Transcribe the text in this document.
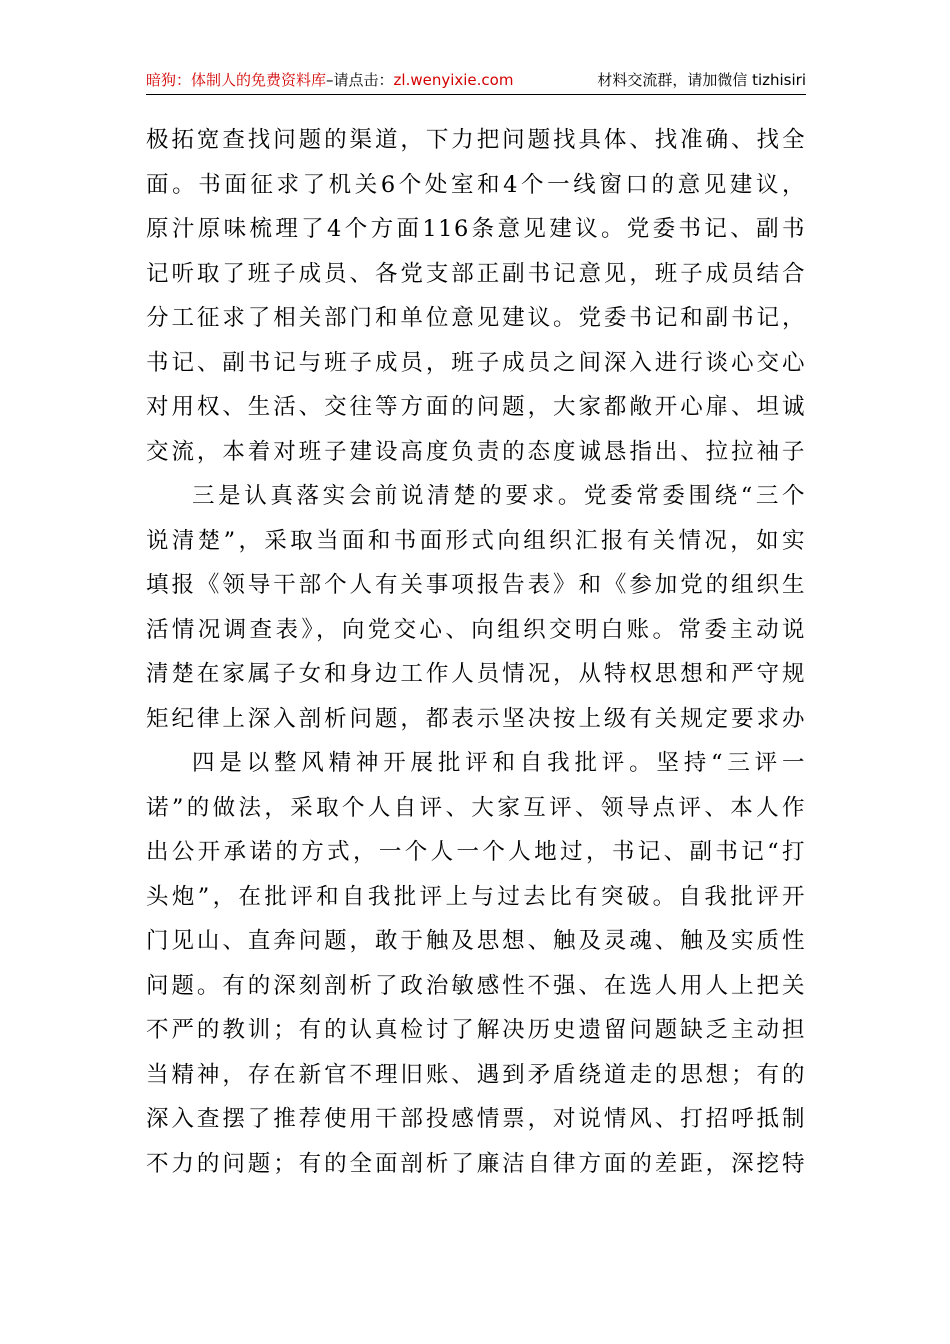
暗狗：体制人的免费资料库–请点击：zl.wenyixie.com	材料交流群，请加微信 tizhisiri
极拓宽查找问题的渠道，下力把问题找具体、找准确、找全
面。书面征求了机关6个处室和4个一线窗口的意见建议，
原汁原味梳理了4个方面116条意见建议。党委书记、副书
记听取了班子成员、各党支部正副书记意见，班子成员结合
分工征求了相关部门和单位意见建议。党委书记和副书记，
书记、副书记与班子成员，班子成员之间深入进行谈心交心
对用权、生活、交往等方面的问题，大家都敞开心扉、坦诚
交流，本着对班子建设高度负责的态度诚恳指出、拉拉袖子
三是认真落实会前说清楚的要求。党委常委围绕“三个
说清楚”，采取当面和书面形式向组织汇报有关情况，如实
填报《领导干部个人有关事项报告表》和《参加党的组织生
活情况调查表》，向党交心、向组织交明白账。常委主动说
清楚在家属子女和身边工作人员情况，从特权思想和严守规
矩纪律上深入剖析问题，都表示坚决按上级有关规定要求办
四是以整风精神开展批评和自我批评。坚持“三评一
诺”的做法，采取个人自评、大家互评、领导点评、本人作
出公开承诺的方式，一个人一个人地过，书记、副书记“打
头炮”，在批评和自我批评上与过去比有突破。自我批评开
门见山、直奔问题，敢于触及思想、触及灵魂、触及实质性
问题。有的深刻剖析了政治敏感性不强、在选人用人上把关
不严的教训；有的认真检讨了解决历史遗留问题缺乏主动担
当精神，存在新官不理旧账、遇到矛盾绕道走的思想；有的
深入查摆了推荐使用干部投感情票，对说情风、打招呼抵制
不力的问题；有的全面剖析了廉洁自律方面的差距，深挖特
